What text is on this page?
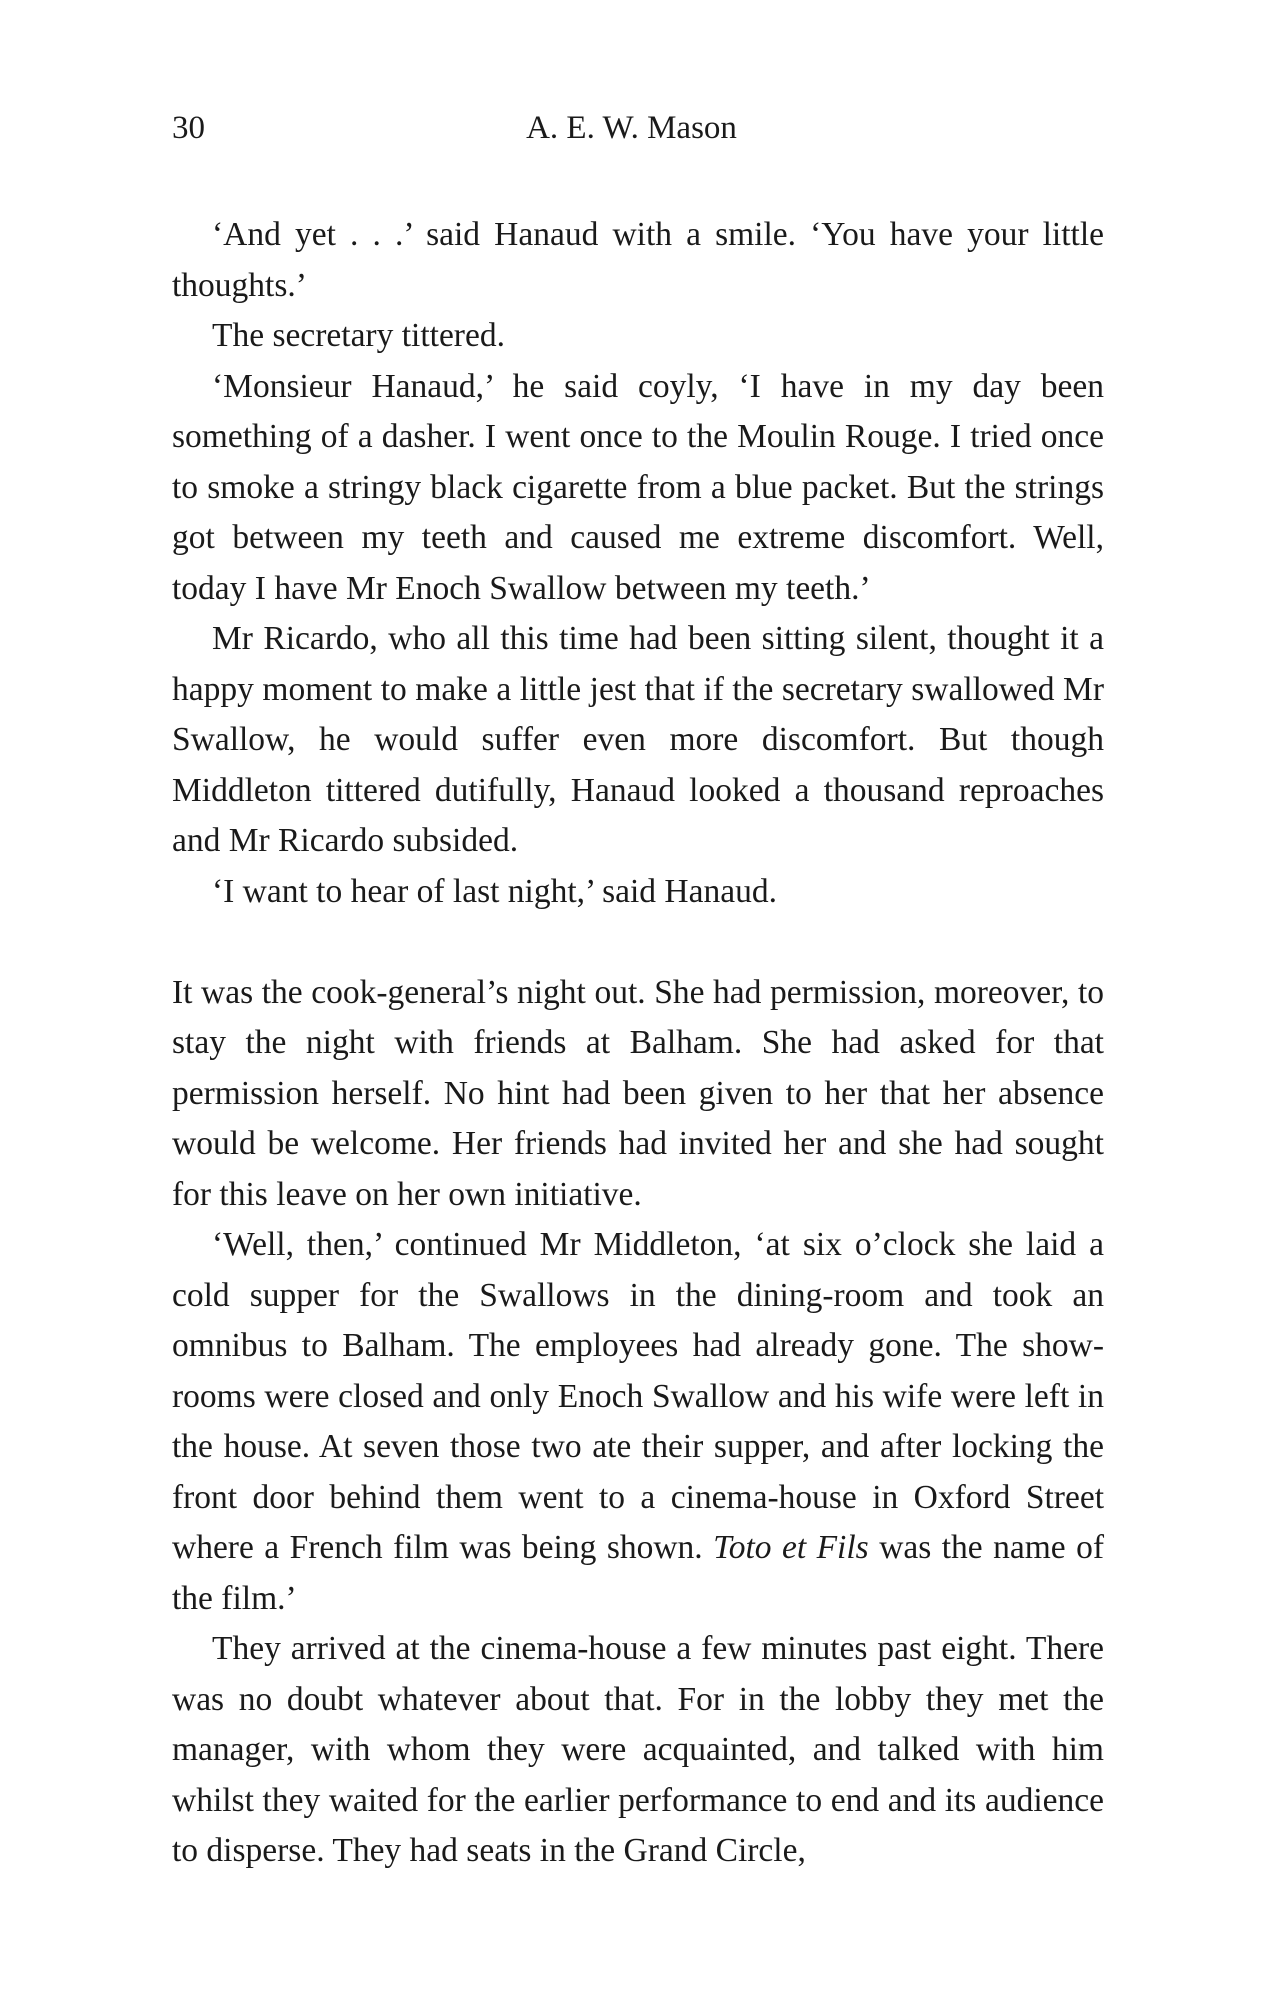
30	A. E. W. Mason

‘And yet . . .’ said Hanaud with a smile. ‘You have your little thoughts.’

The secretary tittered.

‘Monsieur Hanaud,’ he said coyly, ‘I have in my day been something of a dasher. I went once to the Moulin Rouge. I tried once to smoke a stringy black cigarette from a blue packet. But the strings got between my teeth and caused me extreme discomfort. Well, today I have Mr Enoch Swallow between my teeth.’

Mr Ricardo, who all this time had been sitting silent, thought it a happy moment to make a little jest that if the secretary swallowed Mr Swallow, he would suffer even more discomfort. But though Middleton tittered dutifully, Hanaud looked a thousand reproaches and Mr Ricardo subsided.

‘I want to hear of last night,’ said Hanaud.

It was the cook-general’s night out. She had permission, moreover, to stay the night with friends at Balham. She had asked for that permission herself. No hint had been given to her that her absence would be welcome. Her friends had invited her and she had sought for this leave on her own initiative.

‘Well, then,’ continued Mr Middleton, ‘at six o’clock she laid a cold supper for the Swallows in the dining-room and took an omnibus to Balham. The employees had already gone. The showrooms were closed and only Enoch Swallow and his wife were left in the house. At seven those two ate their supper, and after locking the front door behind them went to a cinema-house in Oxford Street where a French film was being shown. Toto et Fils was the name of the film.’

They arrived at the cinema-house a few minutes past eight. There was no doubt whatever about that. For in the lobby they met the manager, with whom they were acquainted, and talked with him whilst they waited for the earlier performance to end and its audience to disperse. They had seats in the Grand Circle,
